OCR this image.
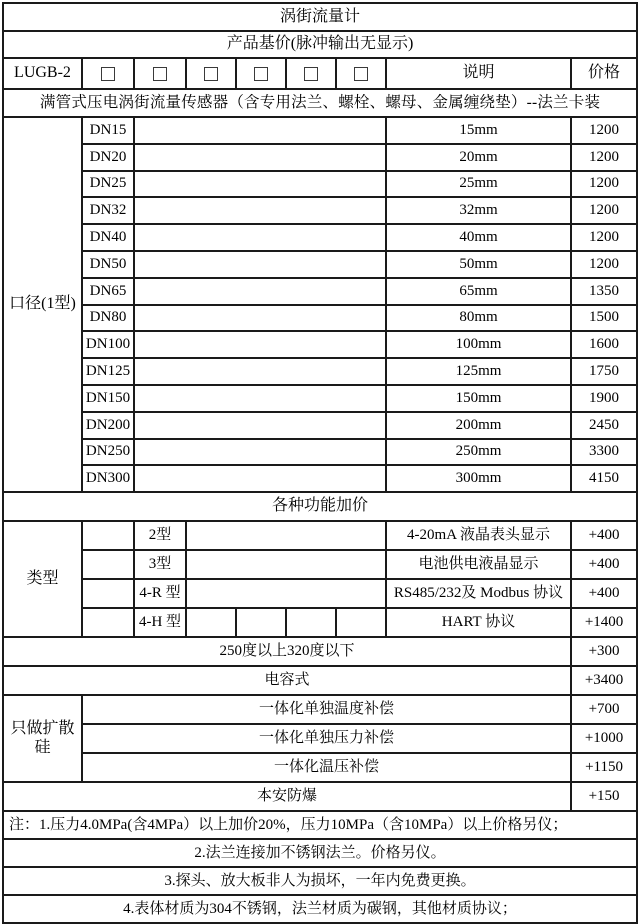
涡街流量计								
产品基价(脉冲输出无显示)								
LUGB-2							说明	价格
满管式压电涡街流量传感器（含专用法兰、螺栓、螺母、金属缠绕垫）--法兰卡装								
口径(1型)	DN15						15mm	1200
	DN20						20mm	1200
	DN25						25mm	1200
	DN32						32mm	1200
	DN40						40mm	1200
	DN50						50mm	1200
	DN65						65mm	1350
	DN80						80mm	1500
	DN100						100mm	1600
	DN125						125mm	1750
	DN150						150mm	1900
	DN200						200mm	2450
	DN250						250mm	3300
	DN300						300mm	4150
各种功能加价								
类型		2型					4-20mA 液晶表头显示	+400
		3型					电池供电液晶显示	+400
		4-R 型					RS485/232及 Modbus 协议	+400
		4-H 型					HART 协议	+1400
250度以上320度以下								+300
电容式								+3400
只做扩散硅	一体化单独温度补偿							+700
	一体化单独压力补偿							+1000
	一体化温压补偿							+1150
本安防爆								+150
注：1.压力4.0MPa(含4MPa）以上加价20%，压力10MPa（含10MPa）以上价格另仪；								
2.法兰连接加不锈钢法兰。价格另仪。								
3.探头、放大板非人为损坏，一年内免费更换。								
4.表体材质为304不锈钢，法兰材质为碳钢，其他材质协议；								
